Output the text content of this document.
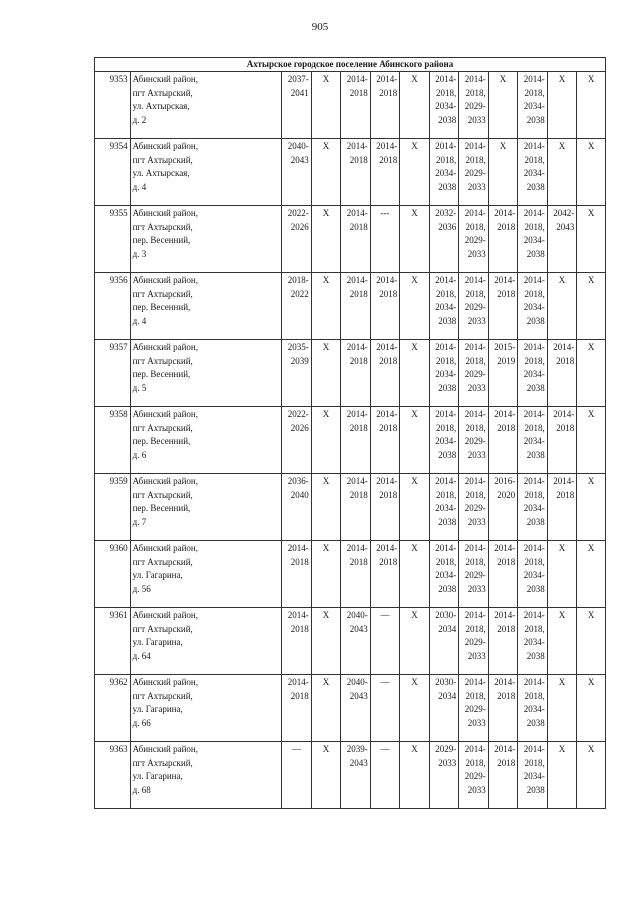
905
Ахтырское городское поселение Абинского района												
9353	Абинский район,
пгт Ахтырский,
ул. Ахтырская,
д. 2	2037-
2041	X	2014-
2018	2014-
2018	X	2014-
2018,
2034-
2038	2014-
2018,
2029-
2033	X	2014-
2018,
2034-
2038	X	X
9354	Абинский район,
пгт Ахтырский,
ул. Ахтырская,
д. 4	2040-
2043	X	2014-
2018	2014-
2018	X	2014-
2018,
2034-
2038	2014-
2018,
2029-
2033	X	2014-
2018,
2034-
2038	X	X
9355	Абинский район,
пгт Ахтырский,
пер. Весенний,
д. 3	2022-
2026	X	2014-
2018	---	X	2032-
2036	2014-
2018,
2029-
2033	2014-
2018	2014-
2018,
2034-
2038	2042-
2043	X
9356	Абинский район,
пгт Ахтырский,
пер. Весенний,
д. 4	2018-
2022	X	2014-
2018	2014-
2018	X	2014-
2018,
2034-
2038	2014-
2018,
2029-
2033	2014-
2018	2014-
2018,
2034-
2038	X	X
9357	Абинский район,
пгт Ахтырский,
пер. Весенний,
д. 5	2035-
2039	X	2014-
2018	2014-
2018	X	2014-
2018,
2034-
2038	2014-
2018,
2029-
2033	2015-
2019	2014-
2018,
2034-
2038	2014-
2018	X
9358	Абинский район,
пгт Ахтырский,
пер. Весенний,
д. 6	2022-
2026	X	2014-
2018	2014-
2018	X	2014-
2018,
2034-
2038	2014-
2018,
2029-
2033	2014-
2018	2014-
2018,
2034-
2038	2014-
2018	X
9359	Абинский район,
пгт Ахтырский,
пер. Весенний,
д. 7	2036-
2040	X	2014-
2018	2014-
2018	X	2014-
2018,
2034-
2038	2014-
2018,
2029-
2033	2016-
2020	2014-
2018,
2034-
2038	2014-
2018	X
9360	Абинский район,
пгт Ахтырский,
ул. Гагарина,
д. 56	2014-
2018	X	2014-
2018	2014-
2018	X	2014-
2018,
2034-
2038	2014-
2018,
2029-
2033	2014-
2018	2014-
2018,
2034-
2038	X	X
9361	Абинский район,
пгт Ахтырский,
ул. Гагарина,
д. 64	2014-
2018	X	2040-
2043	—	X	2030-
2034	2014-
2018,
2029-
2033	2014-
2018	2014-
2018,
2034-
2038	X	X
9362	Абинский район,
пгт Ахтырский,
ул. Гагарина,
д. 66	2014-
2018	X	2040-
2043	—	X	2030-
2034	2014-
2018,
2029-
2033	2014-
2018	2014-
2018,
2034-
2038	X	X
9363	Абинский район,
пгт Ахтырский,
ул. Гагарина,
д. 68	—	X	2039-
2043	—	X	2029-
2033	2014-
2018,
2029-
2033	2014-
2018	2014-
2018,
2034-
2038	X	X
